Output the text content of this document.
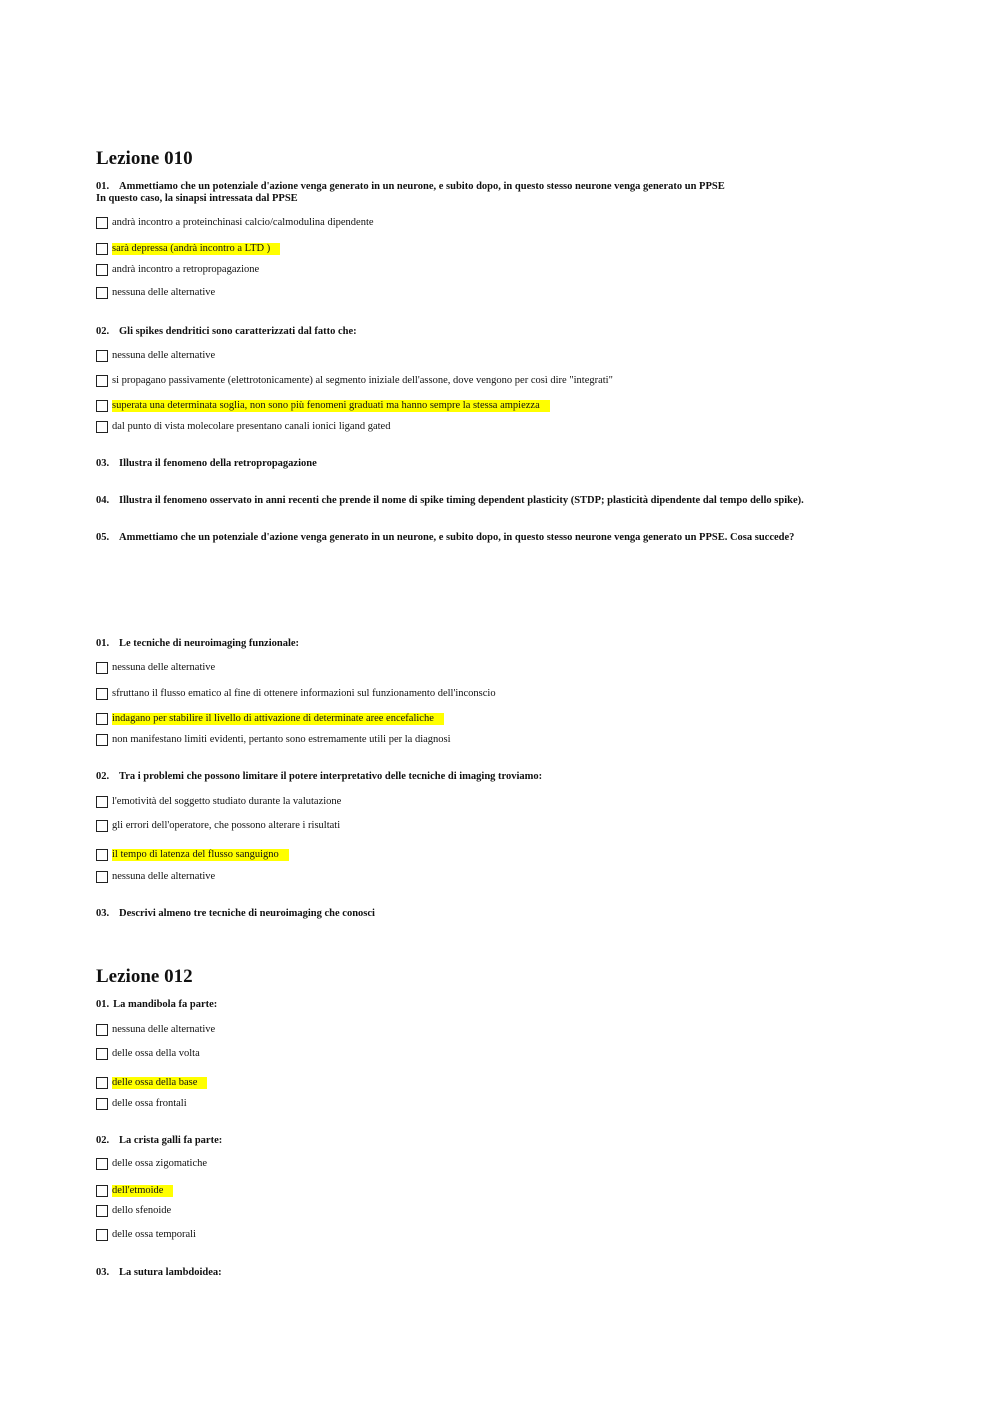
Lezione 010
01. Ammettiamo che un potenziale d'azione venga generato in un neurone, e subito dopo, in questo stesso neurone venga generato un PPSE
In questo caso, la sinapsi intressata dal PPSE
andrà incontro a proteinchinasi calcio/calmodulina dipendente
sarà depressa (andrà incontro a LTD )
andrà incontro a retropropagazione
nessuna delle alternative
02. Gli spikes dendritici sono caratterizzati dal fatto che:
nessuna delle alternative
si propagano passivamente (elettrotonicamente) al segmento iniziale dell'assone, dove vengono per così dire "integrati"
superata una determinata soglia, non sono più fenomeni graduati ma hanno sempre la stessa ampiezza
dal punto di vista molecolare presentano canali ionici ligand gated
03. Illustra il fenomeno della retropropagazione
04. Illustra il fenomeno osservato in anni recenti che prende il nome di spike timing dependent plasticity (STDP; plasticità dipendente dal tempo dello spike).
05. Ammettiamo che un potenziale d'azione venga generato in un neurone, e subito dopo, in questo stesso neurone venga generato un PPSE. Cosa succede?
01. Le tecniche di neuroimaging funzionale:
nessuna delle alternative
sfruttano il flusso ematico al fine di ottenere informazioni sul funzionamento dell'inconscio
indagano per stabilire il livello di attivazione di determinate aree encefaliche
non manifestano limiti evidenti, pertanto sono estremamente utili per la diagnosi
02. Tra i problemi che possono limitare il potere interpretativo delle tecniche di imaging troviamo:
l'emotività del soggetto studiato durante la valutazione
gli errori dell'operatore, che possono alterare i risultati
il tempo di latenza del flusso sanguigno
nessuna delle alternative
03. Descrivi almeno tre tecniche di neuroimaging che conosci
Lezione 012
01. La mandibola fa parte:
nessuna delle alternative
delle ossa della volta
delle ossa della base
delle ossa frontali
02. La crista galli fa parte:
delle ossa zigomatiche
dell'etmoide
dello sfenoide
delle ossa temporali
03. La sutura lambdoidea:
